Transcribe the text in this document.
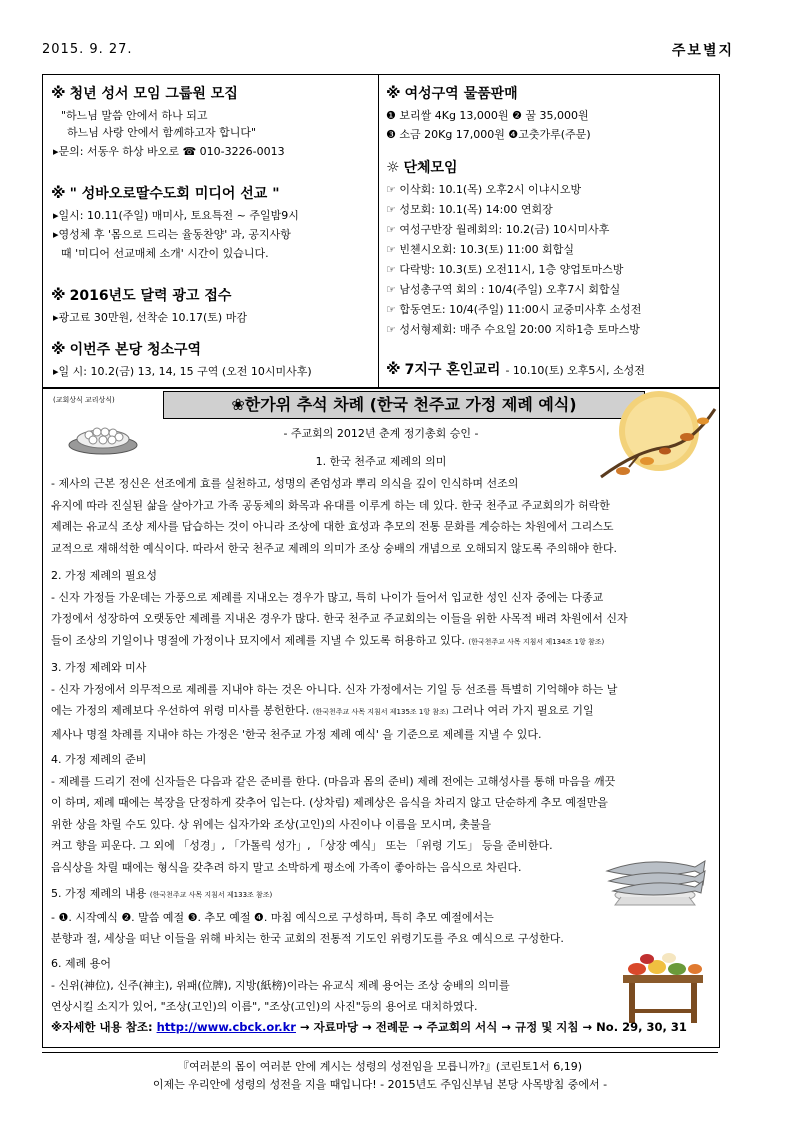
2015. 9. 27.	주보별지

※ 청년 성서 모임 그룹원 모집

"하느님 말씀 안에서 하나 되고
하느님 사랑 안에서 함께하고자 합니다"
▸문의: 서동우 하상 바오로 ☎ 010-3226-0013

※ " 성바오로딸수도회 미디어 선교 "

▸일시: 10.11(주일) 매미사, 토요특전 ~ 주일밤9시
▸영성체 후 '몸으로 드리는 율동찬양' 과, 공지사항
때 '미디어 선교매체 소개' 시간이 있습니다.

※ 2016년도 달력 광고 접수

▸광고료 30만원, 선착순 10.17(토) 마감

※ 이번주 본당 청소구역

▸일 시: 10.2(금) 13, 14, 15 구역 (오전 10시미사후)

※ 여성구역 물품판매

❶ 보리쌀 4Kg 13,000원 ❷ 꿀 35,000원
❸ 소금 20Kg 17,000원 ❹고춧가루(주문)

☼ 단체모임

☞ 이삭회: 10.1(목) 오후2시 이냐시오방
☞ 성모회: 10.1(목) 14:00 연회장
☞ 여성구반장 월례회의: 10.2(금) 10시미사후
☞ 빈첸시오회: 10.3(토) 11:00 회합실
☞ 다락방: 10.3(토) 오전11시, 1층 양업토마스방
☞ 남성총구역 회의 : 10/4(주일) 오후7시 회합실
☞ 합동연도: 10/4(주일) 11:00시 교중미사후 소성전
☞ 성서형제회: 매주 수요일 20:00 지하1층 토마스방
※ 7지구 혼인교리 - 10.10(토) 오후5시, 소성전
(교회상식 교리상식)	❀한가위 추석 차례 (한국 천주교 가정 제례 예식)
- 주교회의 2012년 춘계 정기총회 승인 -
1. 한국 천주교 제례의 의미
- 제사의 근본 정신은 선조에게 효를 실천하고, 성명의 존엄성과 뿌리 의식을 깊이 인식하며 선조의
유지에 따라 진실된 삶을 살아가고 가족 공동체의 화목과 유대를 이루게 하는 데 있다. 한국 천주교 주교회의가 허락한
제례는 유교식 조상 제사를 답습하는 것이 아니라 조상에 대한 효성과 추모의 전통 문화를 계승하는 차원에서 그리스도
교적으로 재해석한 예식이다. 따라서 한국 천주교 제례의 의미가 조상 숭배의 개념으로 오해되지 않도록 주의해야 한다.
2. 가정 제례의 필요성
- 신자 가정들 가운데는 가풍으로 제례를 지내오는 경우가 많고, 특히 나이가 들어서 입교한 성인 신자 중에는 다종교
가정에서 성장하여 오랫동안 제례를 지내온 경우가 많다. 한국 천주교 주교회의는 이들을 위한 사목적 배려 차원에서 신자
들이 조상의 기일이나 명절에 가정이나 묘지에서 제례를 지낼 수 있도록 허용하고 있다. (한국천주교 사목 지침서 제134조 1항 참조)
3. 가정 제례와 미사
- 신자 가정에서 의무적으로 제례를 지내야 하는 것은 아니다. 신자 가정에서는 기일 등 선조를 특별히 기억해야 하는 날
에는 가정의 제례보다 우선하여 위령 미사를 봉헌한다. (한국천주교 사목 지침서 제135조 1항 참조) 그러나 여러 가지 필요로 기일
제사나 명절 차례를 지내야 하는 가정은 '한국 천주교 가정 제례 예식' 을 기준으로 제례를 지낼 수 있다.
4. 가정 제례의 준비
- 제례를 드리기 전에 신자들은 다음과 같은 준비를 한다. (마음과 몸의 준비) 제례 전에는 고해성사를 통해 마음을 깨끗
이 하며, 제례 때에는 복장을 단정하게 갖추어 입는다. (상차림) 제례상은 음식을 차리지 않고 단순하게 추모 예절만을
위한 상을 차릴 수도 있다. 상 위에는 십자가와 조상(고인)의 사진이나 이름을 모시며, 촛불을
켜고 향을 피운다. 그 외에 「성경」, 「가톨릭 성가」, 「상장 예식」 또는 「위령 기도」 등을 준비한다.
음식상을 차릴 때에는 형식을 갖추려 하지 말고 소박하게 평소에 가족이 좋아하는 음식으로 차린다.
5. 가정 제례의 내용 (한국천주교 사목 지침서 제133조 참조)
- ❶. 시작예식 ❷. 말씀 예절 ❸. 추모 예절 ❹. 마침 예식으로 구성하며, 특히 추모 예절에서는
분향과 절, 세상을 떠난 이들을 위해 바치는 한국 교회의 전통적 기도인 위령기도를 주요 예식으로 구성한다.
6. 제례 용어
- 신위(神位), 신주(神主), 위패(位牌), 지방(紙榜)이라는 유교식 제례 용어는 조상 숭배의 의미를
연상시킬 소지가 있어, "조상(고인)의 이름", "조상(고인)의 사진"등의 용어로 대치하였다.
※자세한 내용 참조: http://www.cbck.or.kr → 자료마당 → 전례문 → 주교회의 서식 → 규정 및 지침 → No. 29, 30, 31
『여러분의 몸이 여러분 안에 계시는 성령의 성전임을 모릅니까?』(코린토1서 6,19)
이제는 우리안에 성령의 성전을 지을 때입니다! - 2015년도 주임신부님 본당 사목방침 중에서 -
